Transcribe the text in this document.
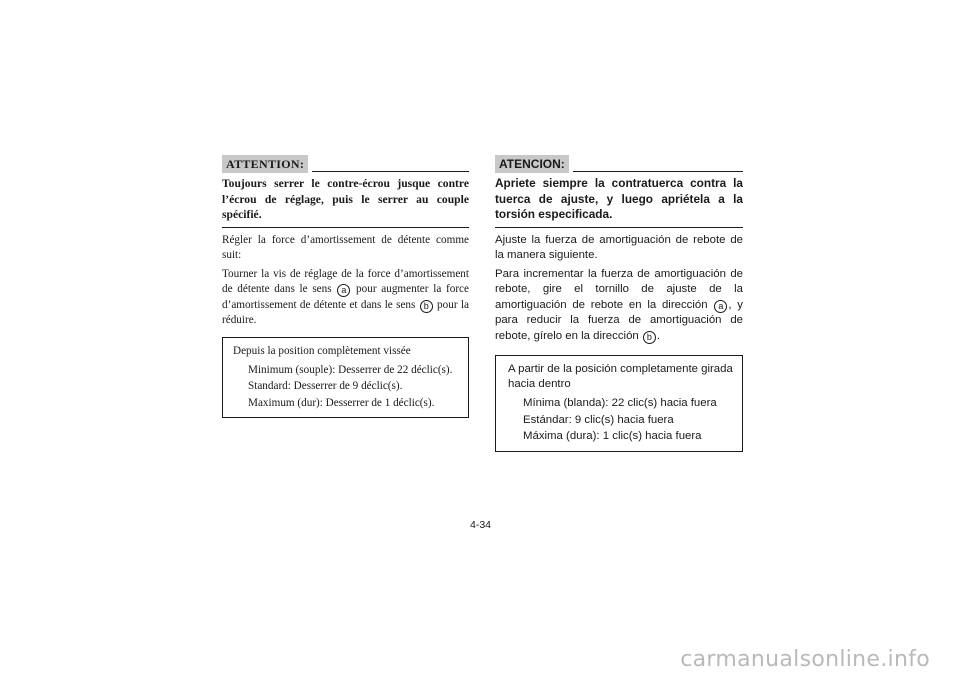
ATTENTION:
Toujours serrer le contre-écrou jusque contre l’écrou de réglage, puis le serrer au couple spécifié.
Régler la force d’amortissement de détente comme suit:
Tourner la vis de réglage de la force d’amortissement de détente dans le sens a pour augmenter la force d’amortissement de détente et dans le sens b pour la réduire.
Depuis la position complètement vissée
Minimum (souple): Desserrer de 22 déclic(s).
Standard: Desserrer de 9 déclic(s).
Maximum (dur): Desserrer de 1 déclic(s).
ATENCION:
Apriete siempre la contratuerca contra la tuerca de ajuste, y luego apriétela a la torsión especificada.
Ajuste la fuerza de amortiguación de rebote de la manera siguiente.
Para incrementar la fuerza de amortiguación de rebote, gire el tornillo de ajuste de la amortiguación de rebote en la dirección a , y para reducir la fuerza de amortiguación de rebote, gírelo en la dirección b .
A partir de la posición completamente girada hacia dentro
Mínima (blanda): 22 clic(s) hacia fuera
Estándar: 9 clic(s) hacia fuera
Máxima (dura): 1 clic(s) hacia fuera
4-34
carmanualsonline.info
